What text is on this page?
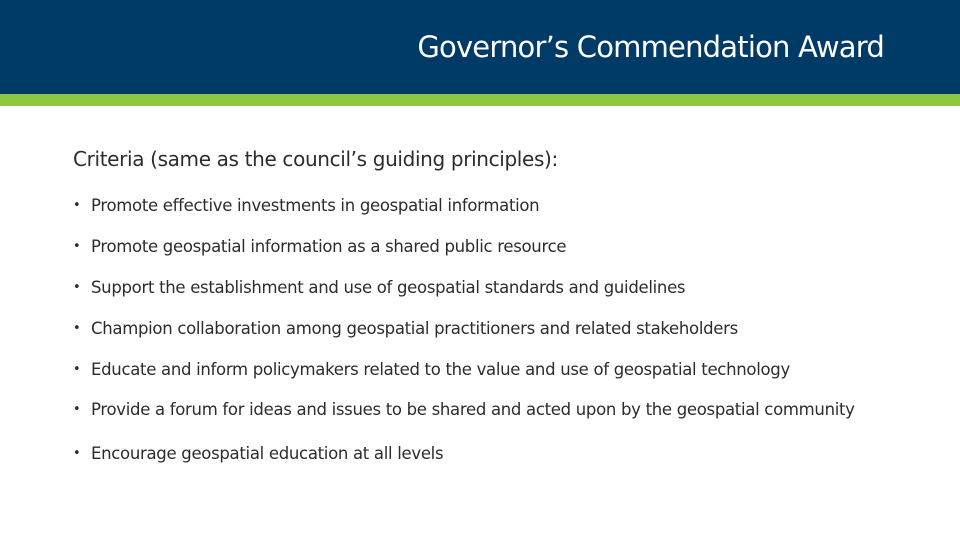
Governor’s Commendation Award

Criteria (same as the council’s guiding principles):

• Promote effective investments in geospatial information
• Promote geospatial information as a shared public resource
• Support the establishment and use of geospatial standards and guidelines
• Champion collaboration among geospatial practitioners and related stakeholders
• Educate and inform policymakers related to the value and use of geospatial technology
• Provide a forum for ideas and issues to be shared and acted upon by the geospatial community
• Encourage geospatial education at all levels
